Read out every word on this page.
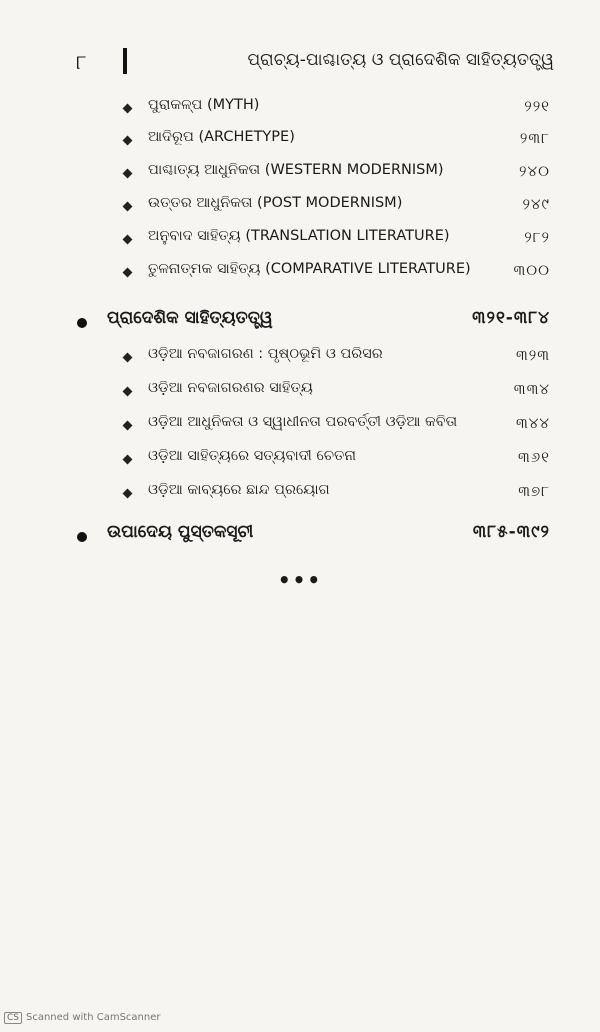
୮	ପ୍ରାଚ୍ୟ-ପାଶ୍ଚାତ୍ୟ ଓ ପ୍ରାଦେଶିକ ସାହିତ୍ୟତତ୍ତ୍ୱ
ପୁରାକଳ୍ପ (MYTH)	୨୨୧
ଆଦିରୂପ (ARCHETYPE)	୨୩୮
ପାଶ୍ଚାତ୍ୟ ଆଧୁନିକତା (WESTERN MODERNISM)	୨୪୦
ଉତ୍ତର ଆଧୁନିକତା (POST MODERNISM)	୨୪୯
ଅନୁବାଦ ସାହିତ୍ୟ (TRANSLATION LITERATURE)	୨୮୨
ତୁଳନାତ୍ମକ ସାହିତ୍ୟ (COMPARATIVE LITERATURE)	୩୦୦
ପ୍ରାଦେଶିକ ସାହିତ୍ୟତତ୍ତ୍ୱ	୩୨୧-୩୮୪
ଓଡ଼ିଆ ନବଜାଗରଣ : ପୃଷ୍ଠଭୂମି ଓ ପରିସର	୩୨୩
ଓଡ଼ିଆ ନବଜାଗରଣର ସାହିତ୍ୟ	୩୩୪
ଓଡ଼ିଆ ଆଧୁନିକତା ଓ ସ୍ୱାଧୀନତା ପରବର୍ତ୍ତୀ ଓଡ଼ିଆ କବିତା	୩୪୪
ଓଡ଼ିଆ ସାହିତ୍ୟରେ ସତ୍ୟବାଦୀ ଚେତନା	୩୬୧
ଓଡ଼ିଆ କାବ୍ୟରେ ଛାନ୍ଦ ପ୍ରୟୋଗ	୩୭୮
ଉପାଦେୟ ପୁସ୍ତକସୂଚୀ	୩୮୫-୩୯୨
•••
CS Scanned with CamScanner
